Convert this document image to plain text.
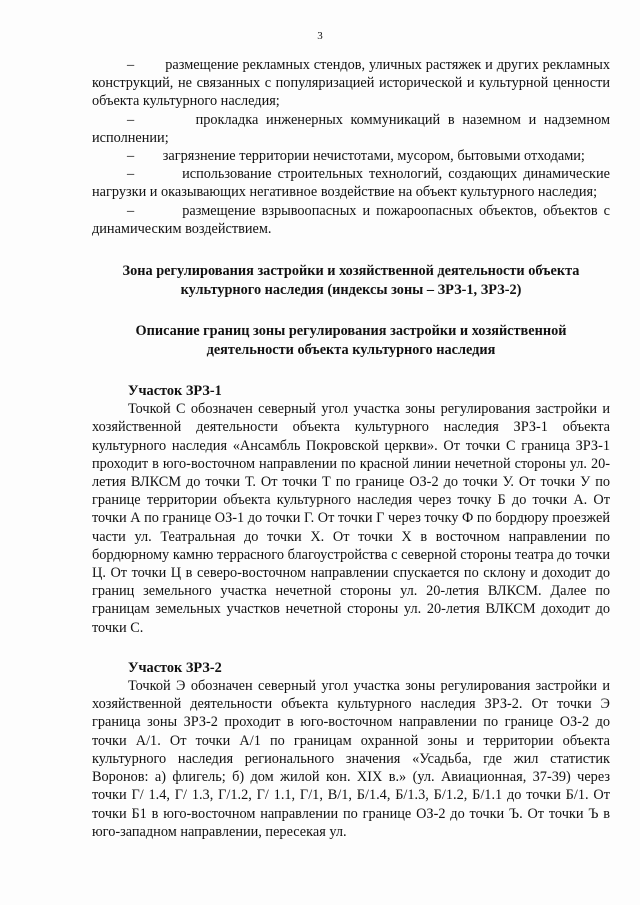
3

–        размещение рекламных стендов, уличных растяжек и других рекламных конструкций, не связанных с популяризацией исторической и культурной ценности объекта культурного наследия;

–        прокладка инженерных коммуникаций в наземном и надземном исполнении;

–        загрязнение территории нечистотами, мусором, бытовыми отходами;

–        использование строительных технологий, создающих динамические нагрузки и оказывающих негативное воздействие на объект культурного наследия;

–        размещение взрывоопасных и пожароопасных объектов, объектов с динамическим воздействием.

Зона регулирования застройки и хозяйственной деятельности объекта культурного наследия (индексы зоны – ЗРЗ-1, ЗРЗ-2)

Описание границ зоны регулирования застройки и хозяйственной деятельности объекта культурного наследия

Участок ЗРЗ-1

Точкой С обозначен северный угол участка зоны регулирования застройки и хозяйственной деятельности объекта культурного наследия ЗРЗ-1 объекта культурного наследия «Ансамбль Покровской церкви». От точки С граница ЗРЗ-1 проходит в юго-восточном направлении по красной линии нечетной стороны ул. 20-летия ВЛКСМ до точки Т. От точки Т по границе ОЗ-2 до точки У. От точки У по границе территории объекта культурного наследия через точку Б до точки А. От точки А по границе ОЗ-1 до точки Г. От точки Г через точку Ф по бордюру проезжей части ул. Театральная до точки Х. От точки Х в восточном направлении по бордюрному камню террасного благоустройства с северной стороны театра до точки Ц. От точки Ц в северо-восточном направлении спускается по склону и доходит до границ земельного участка нечетной стороны ул. 20-летия ВЛКСМ. Далее по границам земельных участков нечетной стороны ул. 20-летия ВЛКСМ доходит до точки С.

Участок ЗРЗ-2

Точкой Э обозначен северный угол участка зоны регулирования застройки и хозяйственной деятельности объекта культурного наследия ЗРЗ-2. От точки Э граница зоны ЗРЗ-2 проходит в юго-восточном направлении по границе ОЗ-2 до точки А/1. От точки А/1 по границам охранной зоны и территории объекта культурного наследия регионального значения «Усадьба, где жил статистик Воронов: а) флигель; б) дом жилой кон. XIX в.» (ул. Авиационная, 37-39) через точки Г/ 1.4, Г/ 1.3, Г/1.2, Г/ 1.1, Г/1, В/1, Б/1.4, Б/1.3, Б/1.2, Б/1.1 до точки Б/1. От точки Б1 в юго-восточном направлении по границе ОЗ-2 до точки Ъ. От точки Ъ в юго-западном направлении, пересекая ул.
